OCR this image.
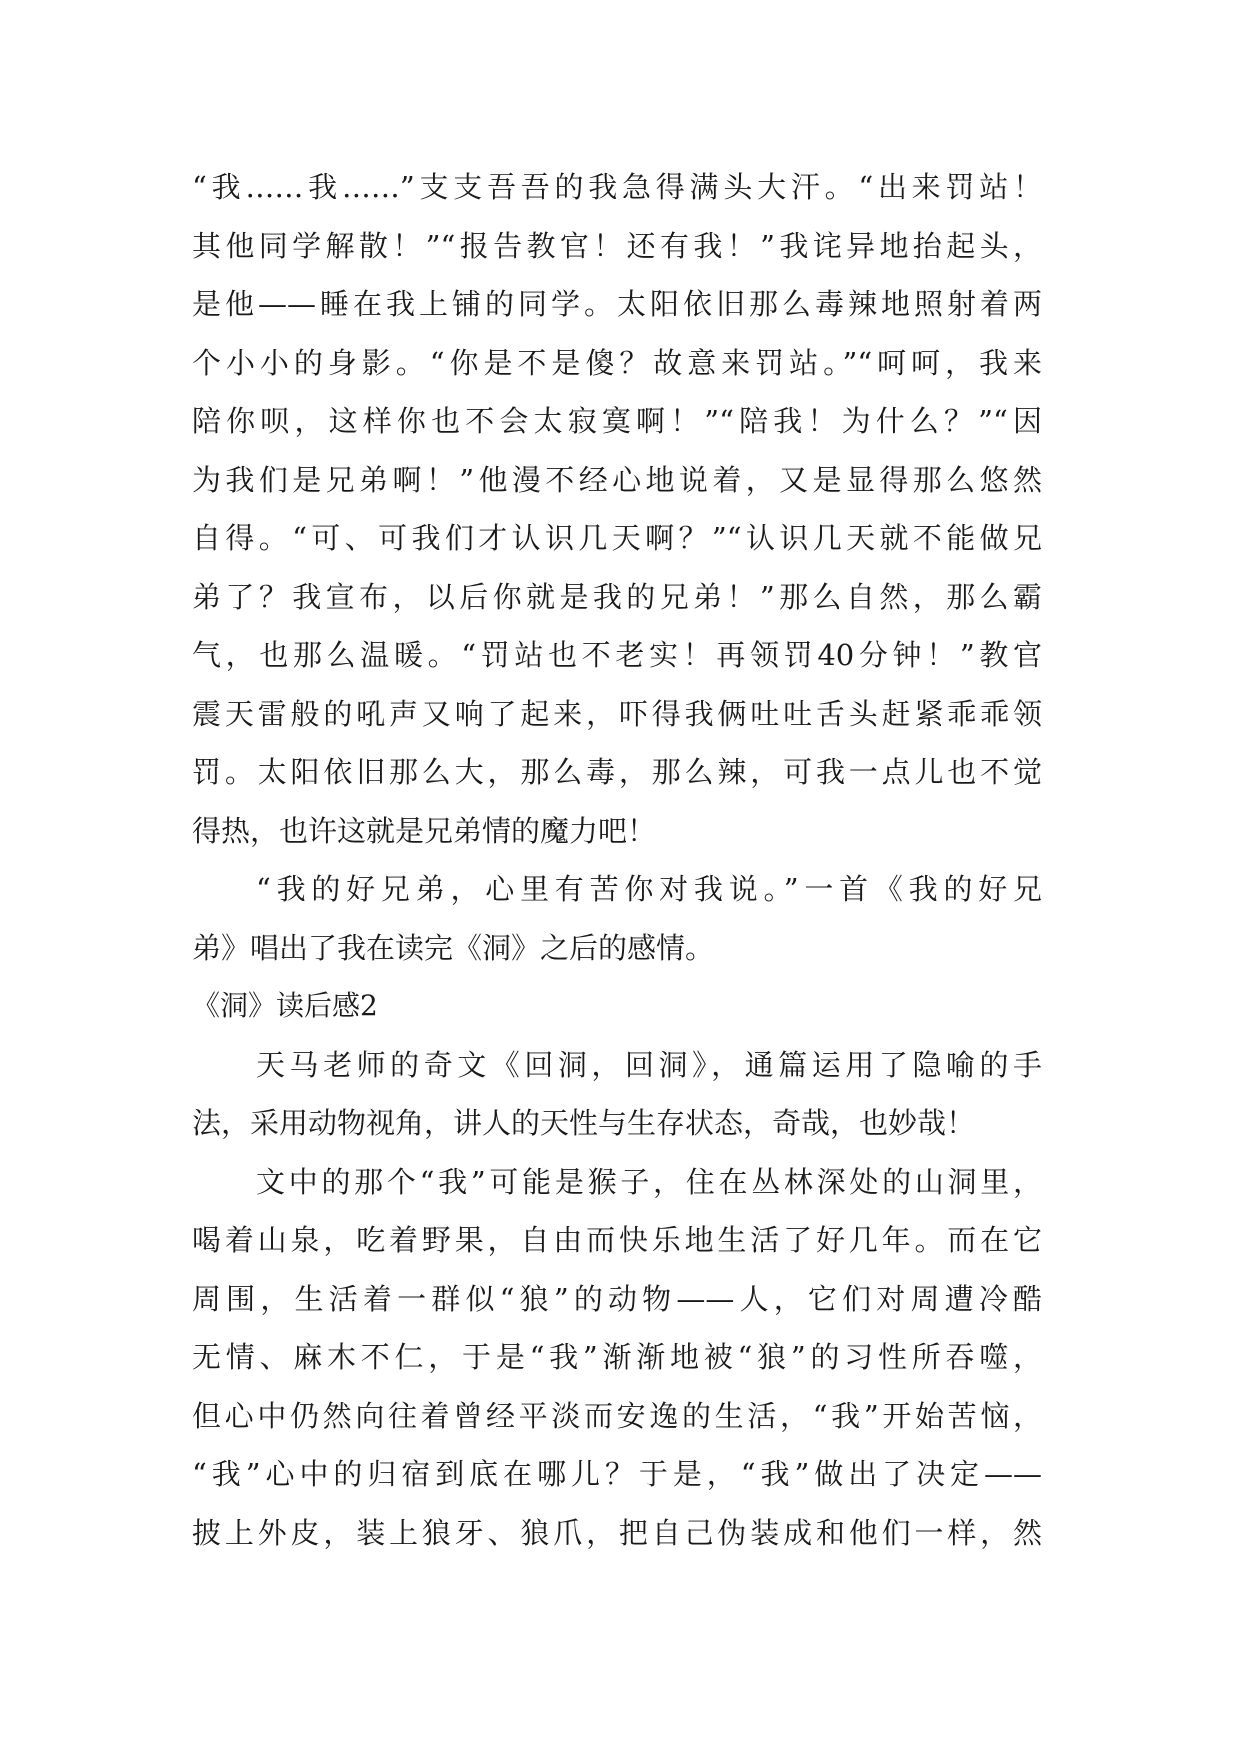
“我……我……”支支吾吾的我急得满头大汗。“出来罚站！
其他同学解散！”“报告教官！还有我！”我诧异地抬起头，
是他——睡在我上铺的同学。太阳依旧那么毒辣地照射着两
个小小的身影。“你是不是傻？故意来罚站。”“呵呵，我来
陪你呗，这样你也不会太寂寞啊！”“陪我！为什么？”“因
为我们是兄弟啊！”他漫不经心地说着，又是显得那么悠然
自得。“可、可我们才认识几天啊？”“认识几天就不能做兄
弟了？我宣布，以后你就是我的兄弟！”那么自然，那么霸
气，也那么温暖。“罚站也不老实！再领罚40分钟！”教官
震天雷般的吼声又响了起来，吓得我俩吐吐舌头赶紧乖乖领
罚。太阳依旧那么大，那么毒，那么辣，可我一点儿也不觉
得热，也许这就是兄弟情的魔力吧！
“我的好兄弟，心里有苦你对我说。”一首《我的好兄
弟》唱出了我在读完《洞》之后的感情。
《洞》读后感2
天马老师的奇文《回洞，回洞》，通篇运用了隐喻的手
法，采用动物视角，讲人的天性与生存状态，奇哉，也妙哉！
文中的那个“我”可能是猴子，住在丛林深处的山洞里，
喝着山泉，吃着野果，自由而快乐地生活了好几年。而在它
周围，生活着一群似“狼”的动物——人，它们对周遭冷酷
无情、麻木不仁，于是“我”渐渐地被“狼”的习性所吞噬，
但心中仍然向往着曾经平淡而安逸的生活，“我”开始苦恼，
“我”心中的归宿到底在哪儿？于是，“我”做出了决定——
披上外皮，装上狼牙、狼爪，把自己伪装成和他们一样，然
